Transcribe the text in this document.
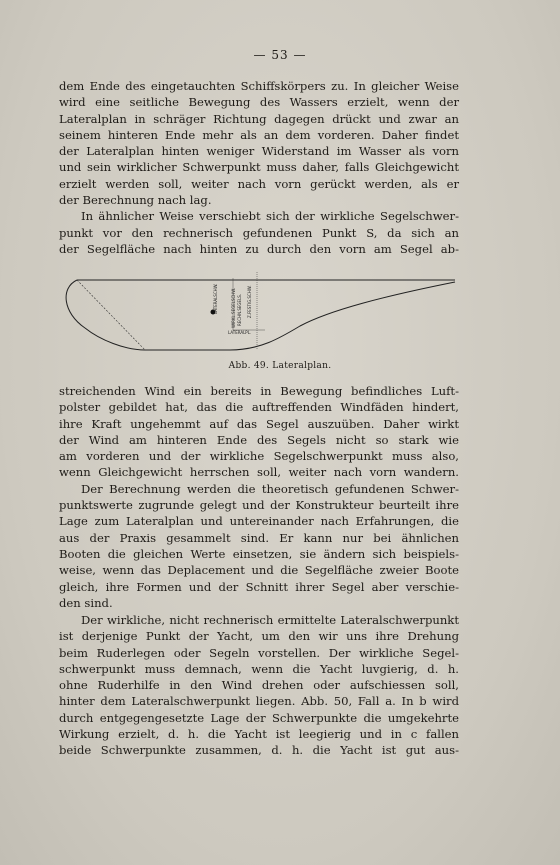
— 53 —
dem Ende des eingetauchten Schiffskörpers zu. In gleicher Weise
wird eine seitliche Bewegung des Wassers erzielt, wenn der
Lateralplan in schräger Richtung dagegen drückt und zwar an
seinem hinteren Ende mehr als an dem vorderen. Daher findet
der Lateralplan hinten weniger Widerstand im Wasser als vorn
und sein wirklicher Schwerpunkt muss daher, falls Gleichgewicht
erzielt werden soll, weiter nach vorn gerückt werden, als er
der Berechnung nach lag.
In ähnlicher Weise verschiebt sich der wirkliche Segelschwer-
punkt vor den rechnerisch gefundenen Punkt S, da sich an
der Segelfläche nach hinten zu durch den vorn am Segel ab-
LATERALSCHW.	WIRKL.SEGELSCHW. RECHN.SEGELS. Z.FESTIG.SCHW.
LATERALPL.
Abb. 49. Lateralplan.
streichenden Wind ein bereits in Bewegung befindliches Luft-
polster gebildet hat, das die auftreffenden Windfäden hindert,
ihre Kraft ungehemmt auf das Segel auszuüben. Daher wirkt
der Wind am hinteren Ende des Segels nicht so stark wie
am vorderen und der wirkliche Segelschwerpunkt muss also,
wenn Gleichgewicht herrschen soll, weiter nach vorn wandern.
Der Berechnung werden die theoretisch gefundenen Schwer-
punktswerte zugrunde gelegt und der Konstrukteur beurteilt ihre
Lage zum Lateralplan und untereinander nach Erfahrungen, die
aus der Praxis gesammelt sind. Er kann nur bei ähnlichen
Booten die gleichen Werte einsetzen, sie ändern sich beispiels-
weise, wenn das Deplacement und die Segelfläche zweier Boote
gleich, ihre Formen und der Schnitt ihrer Segel aber verschie-
den sind.
Der wirkliche, nicht rechnerisch ermittelte Lateralschwerpunkt
ist derjenige Punkt der Yacht, um den wir uns ihre Drehung
beim Ruderlegen oder Segeln vorstellen. Der wirkliche Segel-
schwerpunkt muss demnach, wenn die Yacht luvgierig, d. h.
ohne Ruderhilfe in den Wind drehen oder aufschiessen soll,
hinter dem Lateralschwerpunkt liegen. Abb. 50, Fall a. In b wird
durch entgegengesetzte Lage der Schwerpunkte die umgekehrte
Wirkung erzielt, d. h. die Yacht ist leegierig und in c fallen
beide Schwerpunkte zusammen, d. h. die Yacht ist gut aus-
